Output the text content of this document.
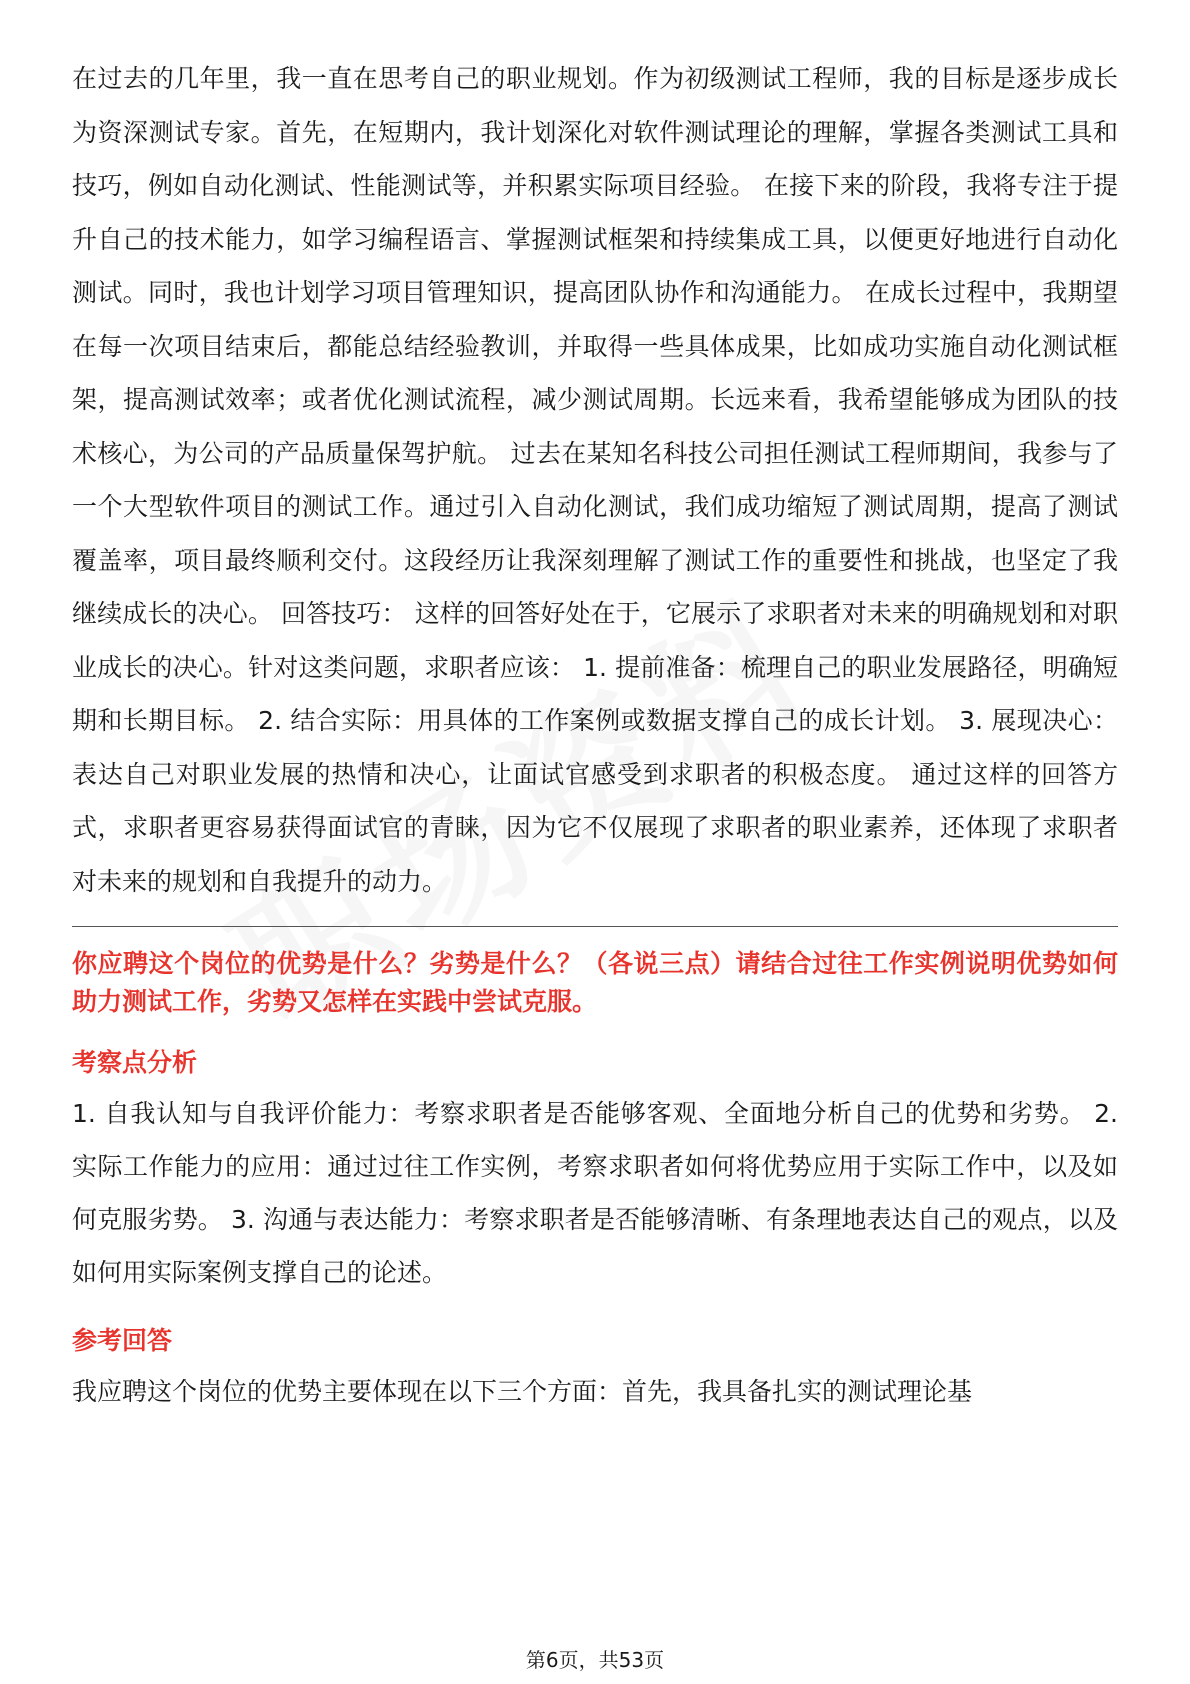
在过去的几年里，我一直在思考自己的职业规划。作为初级测试工程师，我的目标是逐步成长为资深测试专家。首先，在短期内，我计划深化对软件测试理论的理解，掌握各类测试工具和技巧，例如自动化测试、性能测试等，并积累实际项目经验。 在接下来的阶段，我将专注于提升自己的技术能力，如学习编程语言、掌握测试框架和持续集成工具，以便更好地进行自动化测试。同时，我也计划学习项目管理知识，提高团队协作和沟通能力。 在成长过程中，我期望在每一次项目结束后，都能总结经验教训，并取得一些具体成果，比如成功实施自动化测试框架，提高测试效率；或者优化测试流程，减少测试周期。长远来看，我希望能够成为团队的技术核心，为公司的产品质量保驾护航。 过去在某知名科技公司担任测试工程师期间，我参与了一个大型软件项目的测试工作。通过引入自动化测试，我们成功缩短了测试周期，提高了测试覆盖率，项目最终顺利交付。这段经历让我深刻理解了测试工作的重要性和挑战，也坚定了我继续成长的决心。 回答技巧： 这样的回答好处在于，它展示了求职者对未来的明确规划和对职业成长的决心。针对这类问题，求职者应该： 1. 提前准备：梳理自己的职业发展路径，明确短期和长期目标。 2. 结合实际：用具体的工作案例或数据支撑自己的成长计划。 3. 展现决心：表达自己对职业发展的热情和决心，让面试官感受到求职者的积极态度。 通过这样的回答方式，求职者更容易获得面试官的青睐，因为它不仅展现了求职者的职业素养，还体现了求职者对未来的规划和自我提升的动力。

你应聘这个岗位的优势是什么？劣势是什么？（各说三点）请结合过往工作实例说明优势如何助力测试工作，劣势又怎样在实践中尝试克服。

考察点分析

1. 自我认知与自我评价能力：考察求职者是否能够客观、全面地分析自己的优势和劣势。 2. 实际工作能力的应用：通过过往工作实例，考察求职者如何将优势应用于实际工作中，以及如何克服劣势。 3. 沟通与表达能力：考察求职者是否能够清晰、有条理地表达自己的观点，以及如何用实际案例支撑自己的论述。

参考回答

我应聘这个岗位的优势主要体现在以下三个方面：首先，我具备扎实的测试理论基

第6页，共53页
